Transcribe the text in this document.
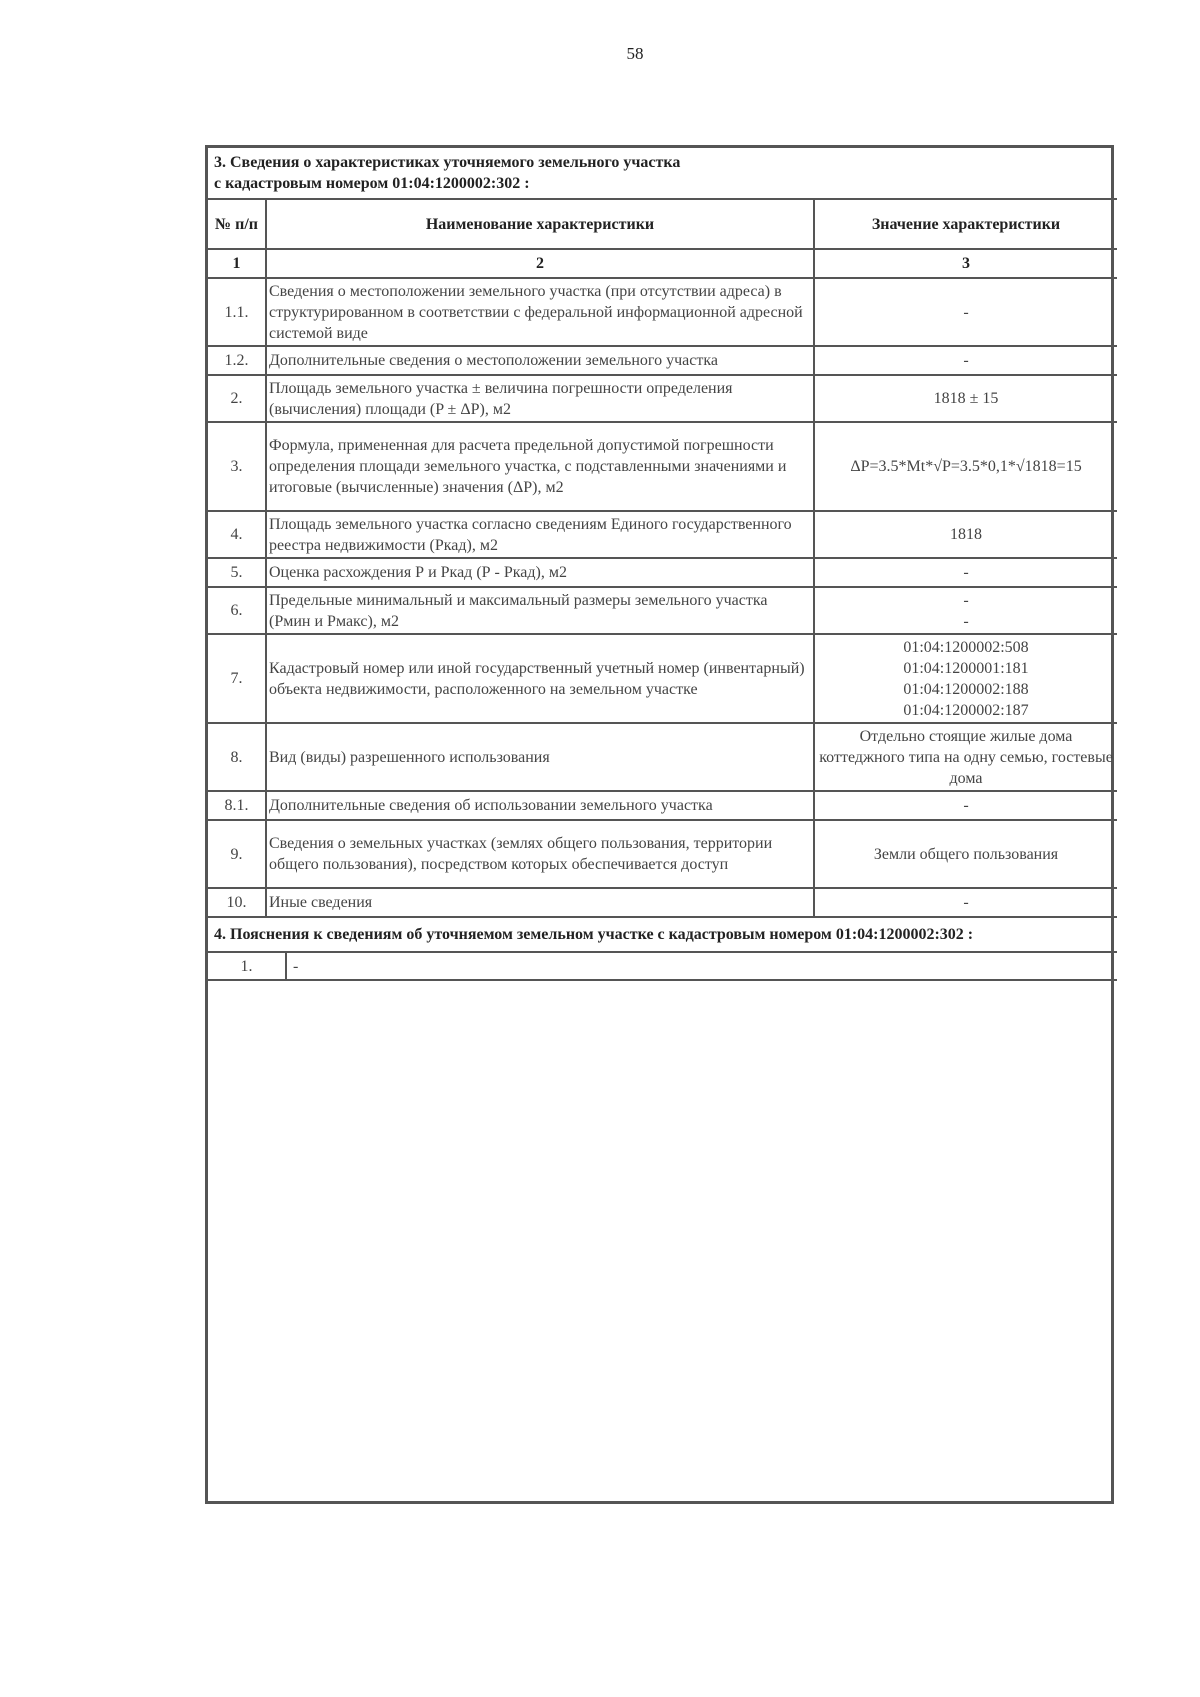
58
3. Сведения о характеристиках уточняемого земельного участка
с кадастровым номером 01:04:1200002:302 :		

№ п/п	Наименование характеристики	Значение характеристики
1	2	3
1.1.	Сведения о местоположении земельного участка (при отсутствии адреса) в структурированном в соответствии с федеральной информационной адресной системой виде	-
1.2.	Дополнительные сведения о местоположении земельного участка	-
2.	Площадь земельного участка ± величина погрешности определения (вычисления) площади (P ± ΔP), м2	1818 ± 15
3.	Формула, примененная для расчета предельной допустимой погрешности определения площади земельного участка, с подставленными значениями и итоговые (вычисленные) значения (ΔP), м2	ΔP=3.5*Mt*√P=3.5*0,1*√1818=15
4.	Площадь земельного участка согласно сведениям Единого государственного реестра недвижимости (Ркад), м2	1818
5.	Оценка расхождения Р и Ркад (Р - Ркад), м2	-
6.	Предельные минимальный и максимальный размеры земельного участка (Рмин и Рмакс), м2	-
-

7.	Кадастровый номер или иной государственный учетный номер (инвентарный) объекта недвижимости, расположенного на земельном участке	01:04:1200002:508
01:04:1200001:181
01:04:1200002:188
01:04:1200002:187

8.	Вид (виды) разрешенного использования	Отдельно стоящие жилые дома коттеджного типа на одну семью, гостевые дома
8.1.	Дополнительные сведения об использовании земельного участка	-
9.	Сведения о земельных участках (землях общего пользования, территории общего пользования), посредством которых обеспечивается доступ	Земли общего пользования
10.	Иные сведения	-
4. Пояснения к сведениям об уточняемом земельном участке с кадастровым номером 01:04:1200002:302 :
1.	-
